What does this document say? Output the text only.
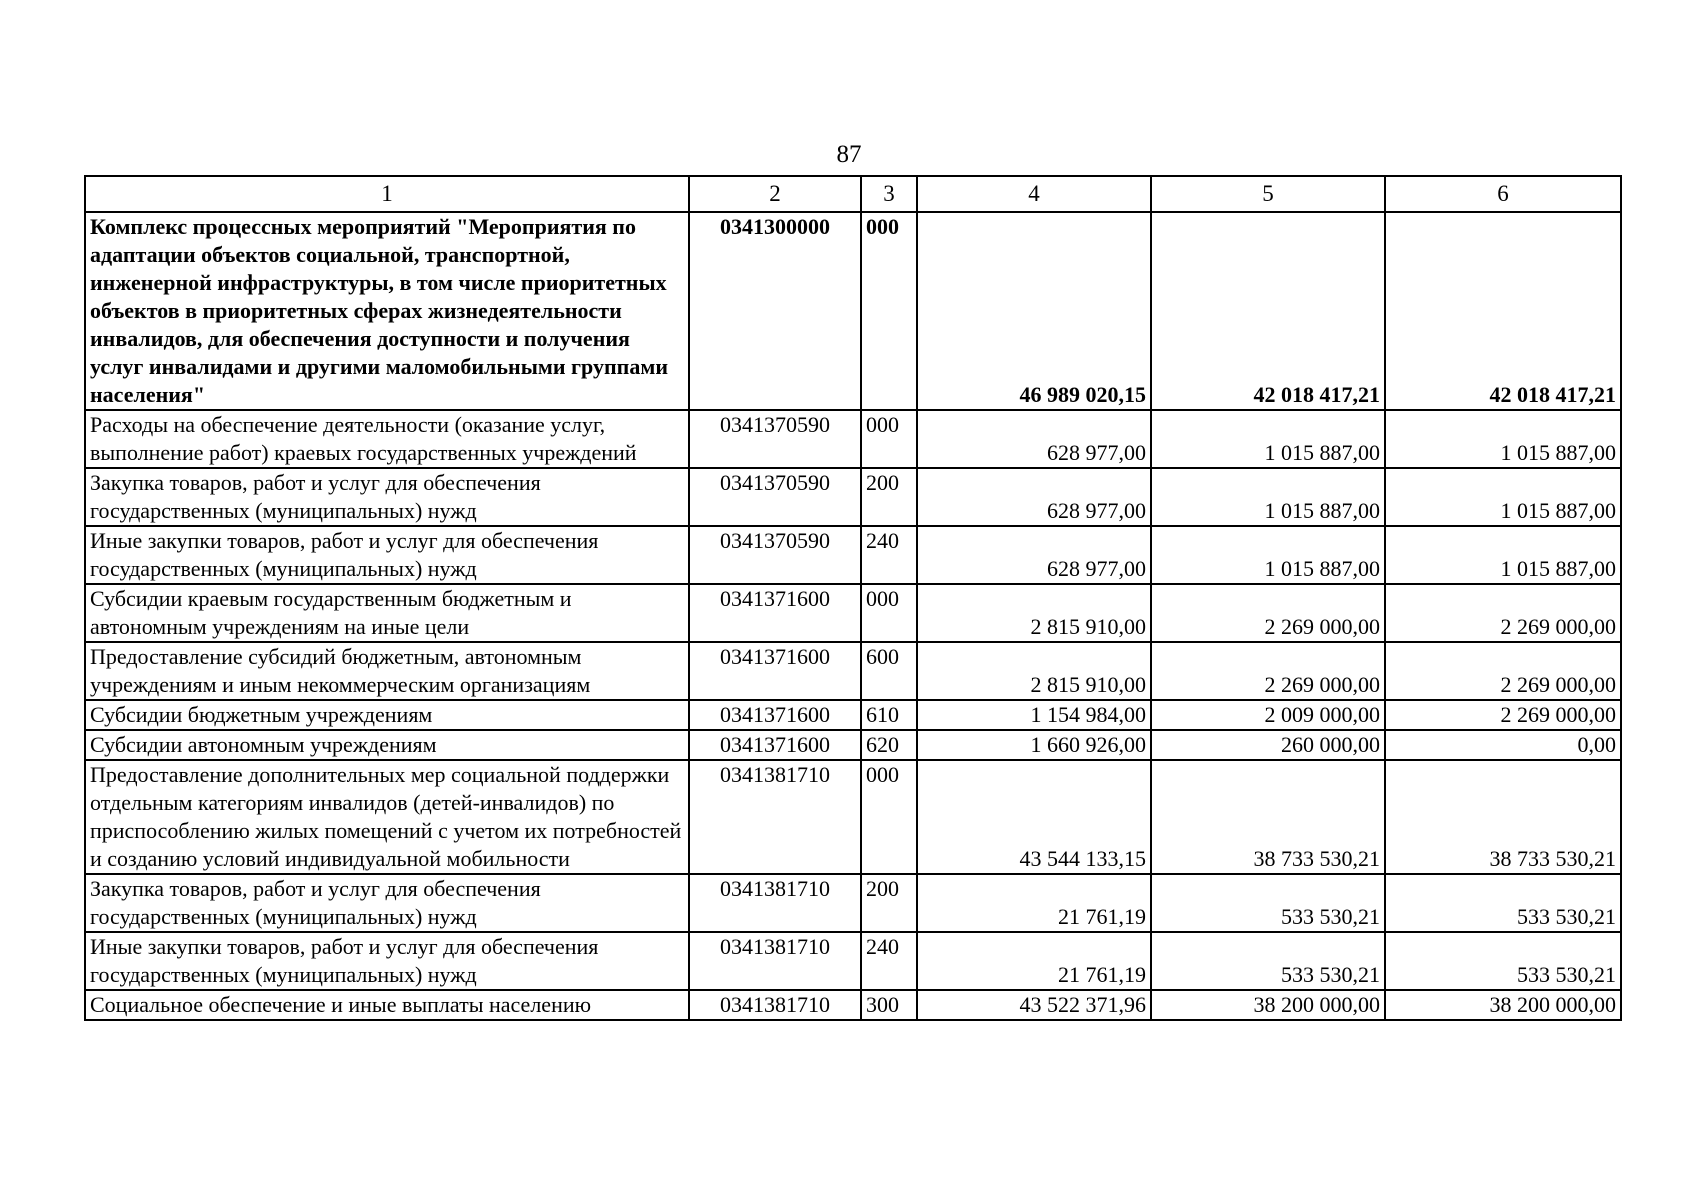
87
1	2	3	4	5	6
Комплекс процессных мероприятий "Мероприятия по адаптации объектов социальной, транспортной, инженерной инфраструктуры, в том числе приоритетных объектов в приоритетных сферах жизнедеятельности инвалидов, для обеспечения доступности и получения услуг инвалидами и другими маломобильными группами населения"	0341300000	000	46 989 020,15	42 018 417,21	42 018 417,21
Расходы на обеспечение деятельности (оказание услуг, выполнение работ) краевых государственных учреждений	0341370590	000	628 977,00	1 015 887,00	1 015 887,00
Закупка товаров, работ и услуг для обеспечения государственных (муниципальных) нужд	0341370590	200	628 977,00	1 015 887,00	1 015 887,00
Иные закупки товаров, работ и услуг для обеспечения государственных (муниципальных) нужд	0341370590	240	628 977,00	1 015 887,00	1 015 887,00
Субсидии краевым государственным бюджетным и автономным учреждениям на иные цели	0341371600	000	2 815 910,00	2 269 000,00	2 269 000,00
Предоставление субсидий бюджетным, автономным учреждениям и иным некоммерческим организациям	0341371600	600	2 815 910,00	2 269 000,00	2 269 000,00
Субсидии бюджетным учреждениям	0341371600	610	1 154 984,00	2 009 000,00	2 269 000,00
Субсидии автономным учреждениям	0341371600	620	1 660 926,00	260 000,00	0,00
Предоставление дополнительных мер социальной поддержки отдельным категориям инвалидов (детей-инвалидов) по приспособлению жилых помещений с учетом их потребностей и созданию условий индивидуальной мобильности	0341381710	000	43 544 133,15	38 733 530,21	38 733 530,21
Закупка товаров, работ и услуг для обеспечения государственных (муниципальных) нужд	0341381710	200	21 761,19	533 530,21	533 530,21
Иные закупки товаров, работ и услуг для обеспечения государственных (муниципальных) нужд	0341381710	240	21 761,19	533 530,21	533 530,21
Социальное обеспечение и иные выплаты населению	0341381710	300	43 522 371,96	38 200 000,00	38 200 000,00
